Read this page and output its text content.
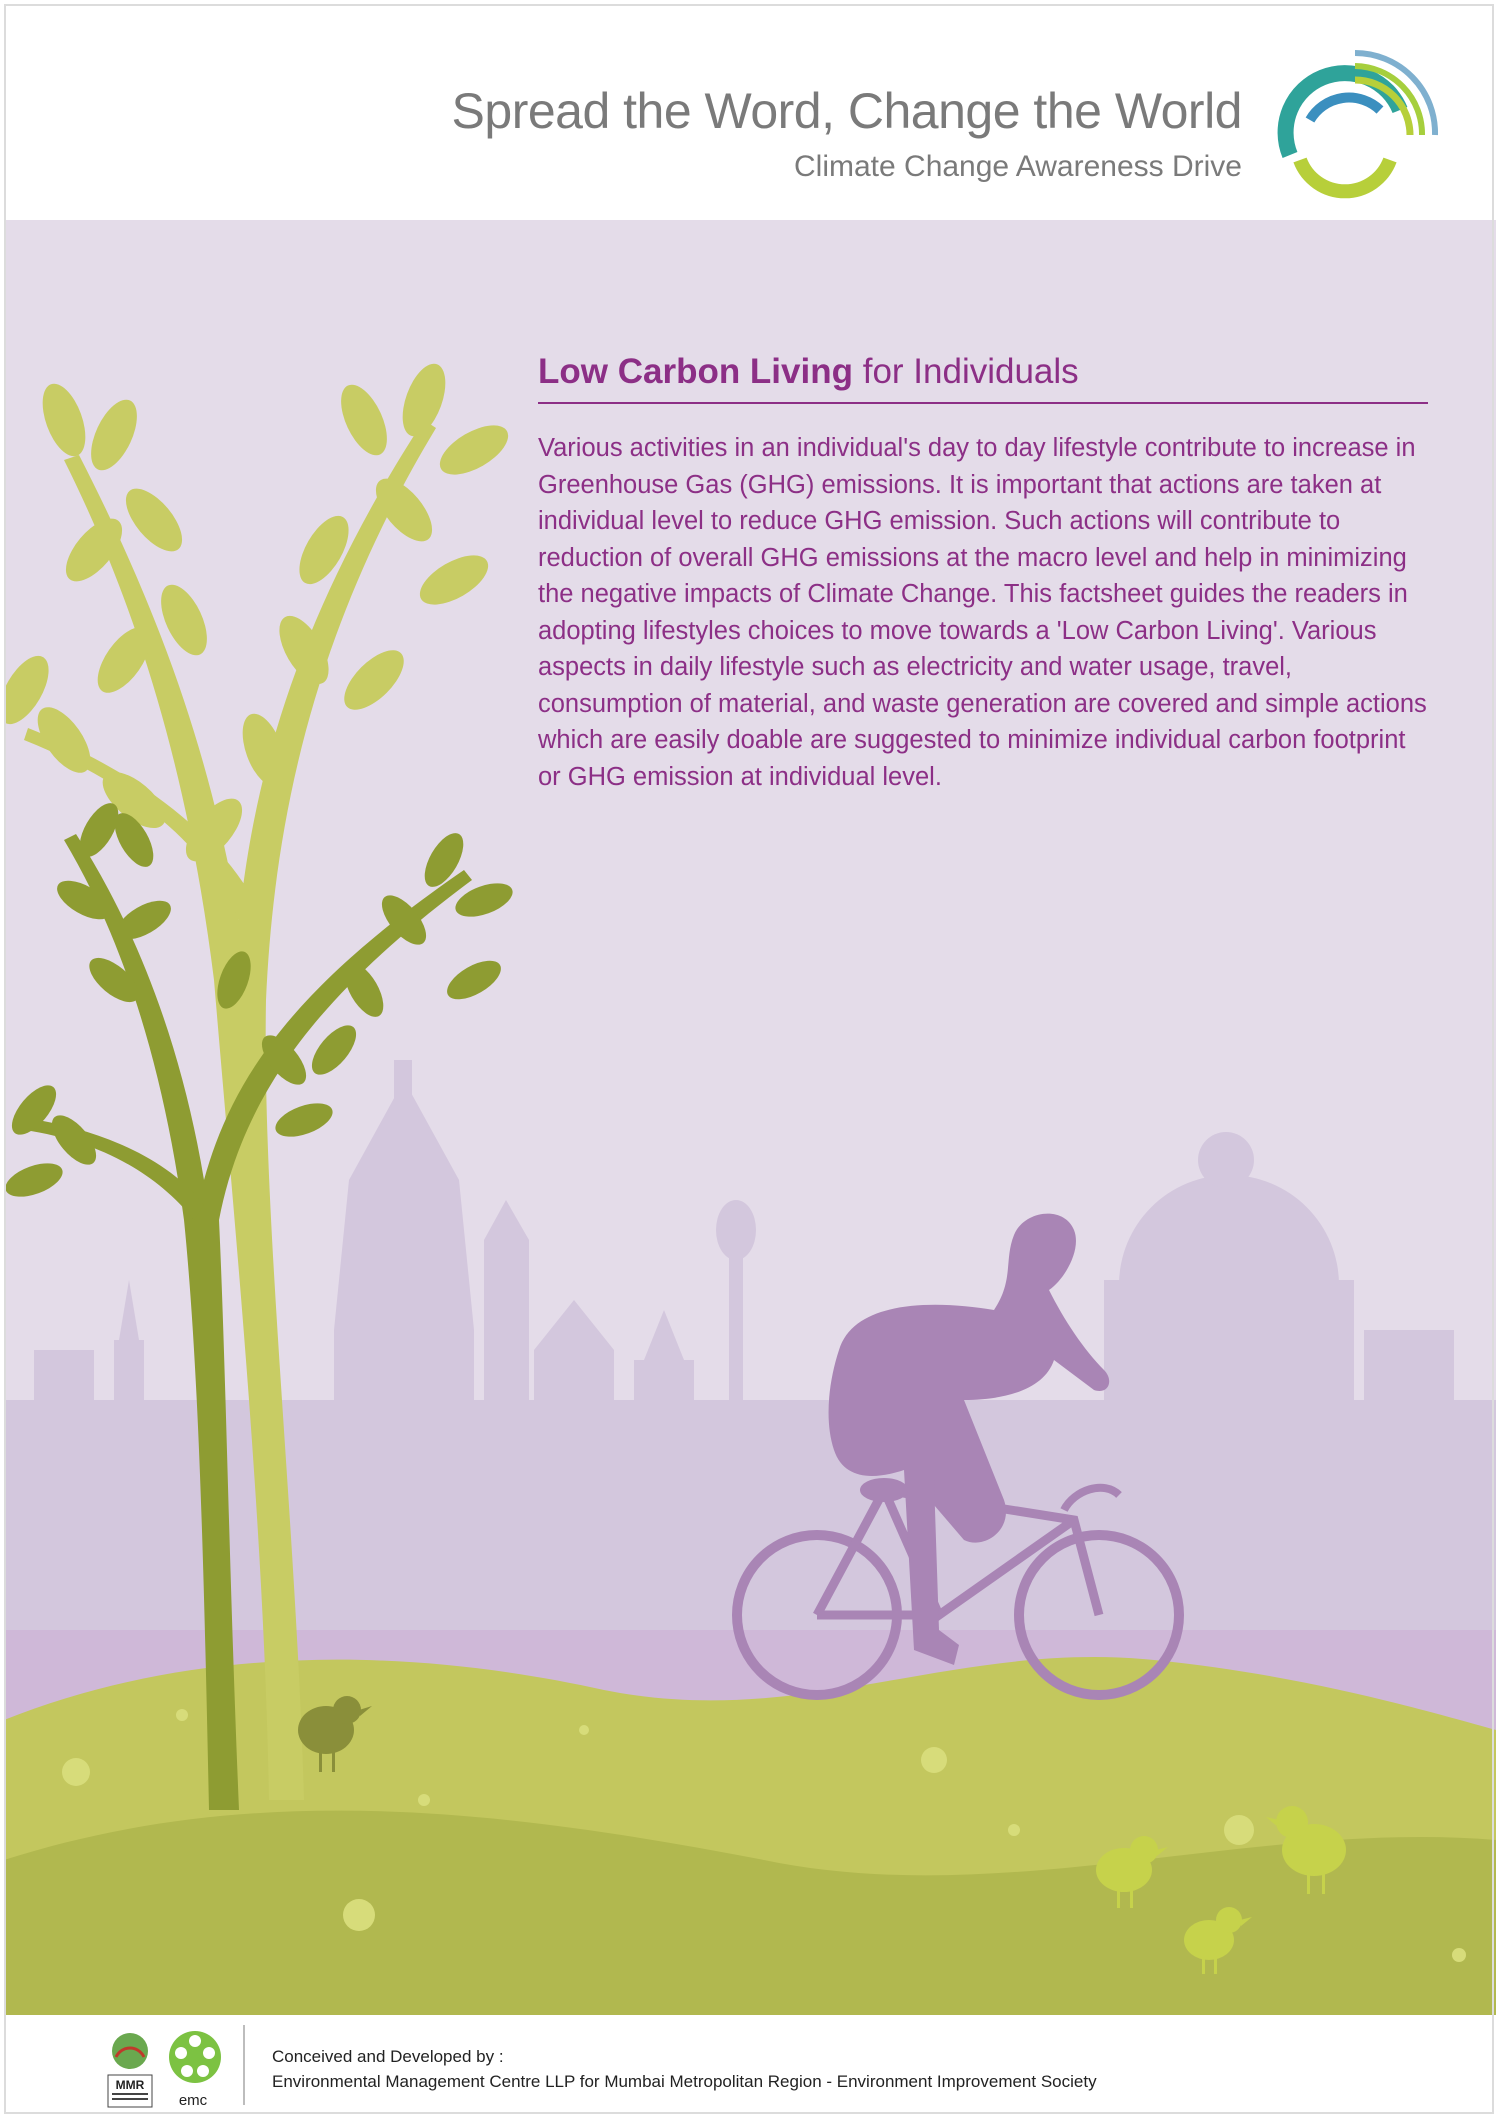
Spread the Word, Change the World
Climate Change Awareness Drive
Low Carbon Living for Individuals

Various activities in an individual's day to day lifestyle contribute to increase in Greenhouse Gas (GHG) emissions. It is important that actions are taken at individual level to reduce GHG emission. Such actions will contribute to reduction of overall GHG emissions at the macro level and help in minimizing the negative impacts of Climate Change. This factsheet guides the readers in adopting lifestyles choices to move towards a 'Low Carbon Living'. Various aspects in daily lifestyle such as electricity and water usage, travel, consumption of material, and waste generation are covered and simple actions which are easily doable are suggested to minimize individual carbon footprint or GHG emission at individual level.

MMR
emc
Conceived and Developed by :
Environmental Management Centre LLP for Mumbai Metropolitan Region - Environment Improvement Society
